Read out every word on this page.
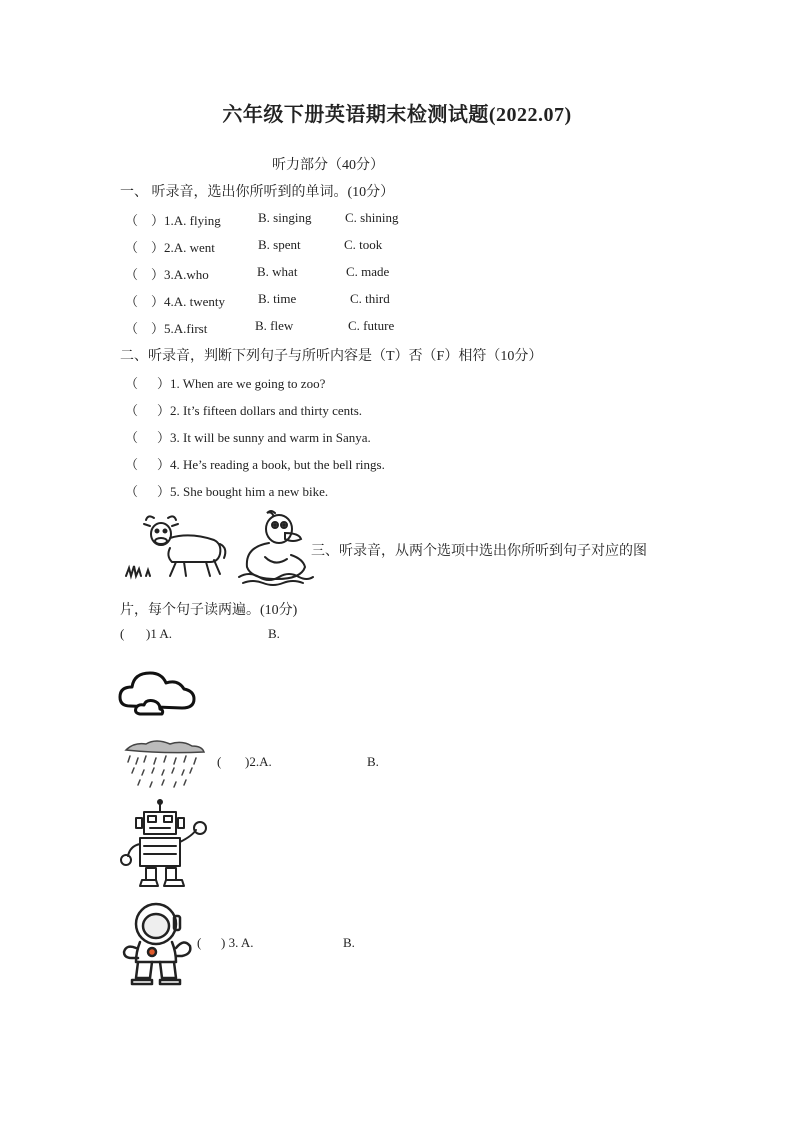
六年级下册英语期末检测试题(2022.07)
听力部分（40分）
一、 听录音，选出你所听到的单词。(10分）
（ ）1.A. flying	B. singing	C. shining
（ ）2.A. went	B. spent	C. took
（ ）3.A.who	B. what	C. made
（ ）4.A. twenty	B. time	C. third
（ ）5.A.first	B. flew	C. future
二、听录音，判断下列句子与所听内容是（T）否（F）相符（10分）
（ ）1. When are we going to zoo?
（ ）2. It’s fifteen dollars and thirty cents.
（ ）3. It will be sunny and warm in Sanya.
（ ）4. He’s reading a book, but the bell rings.
（ ）5. She bought him a new bike.
三、听录音，从两个选项中选出你所听到句子对应的图
片，每个句子读两遍。(10分)
( )1 A.	B.
( )2.A.	B.
( ) 3. A.	B.
